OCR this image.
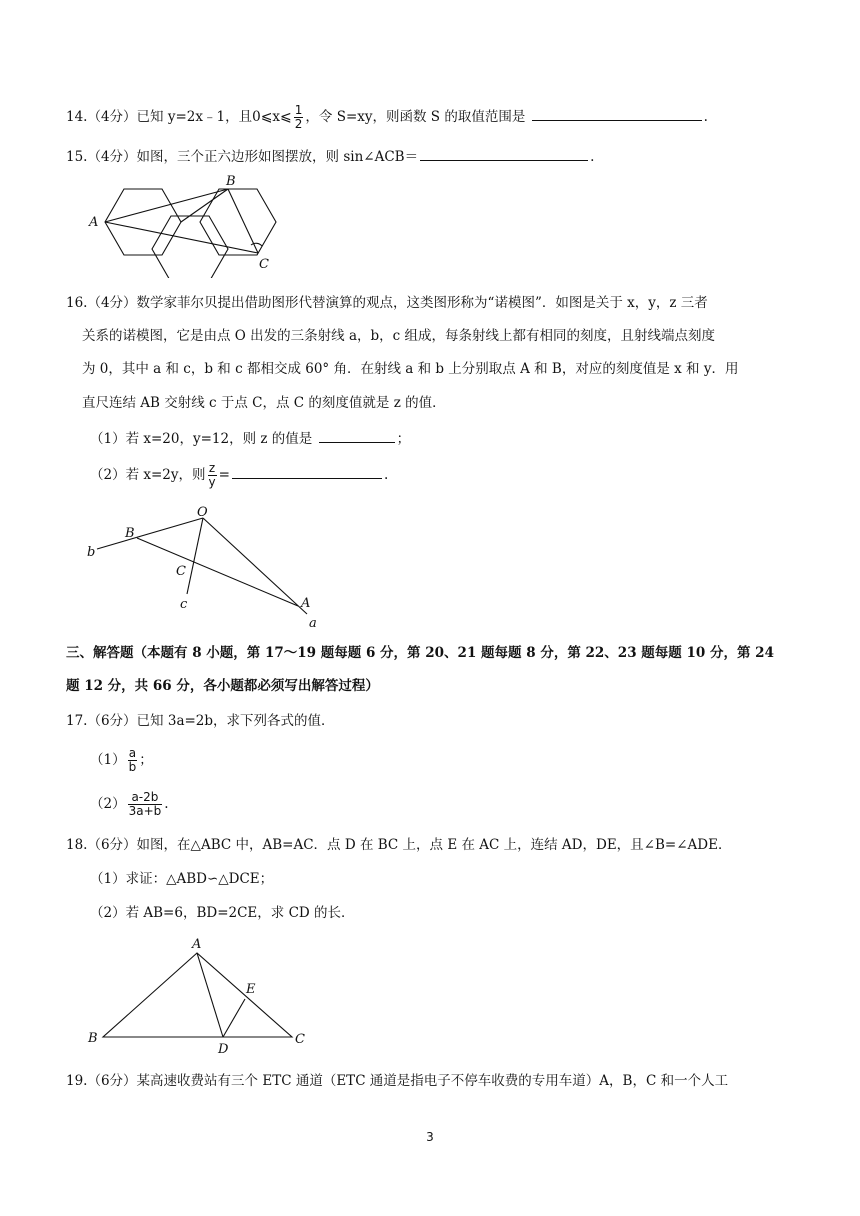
14.（4分）已知 y=2x﹣1，且0⩽x⩽ $\frac{1}{2}$ ，令 S=xy，则函数 S 的取值范围是	.
15.（4分）如图，三个正六边形如图摆放，则 sin∠ACB＝	.
A
B
C
16.（4分）数学家菲尔贝提出借助图形代替演算的观点，这类图形称为“诺模图”．如图是关于 x，y，z 三者
关系的诺模图，它是由点 O 出发的三条射线 a，b，c 组成，每条射线上都有相同的刻度，且射线端点刻度
为 0，其中 a 和 c，b 和 c 都相交成 60° 角．在射线 a 和 b 上分别取点 A 和 B，对应的刻度值是 x 和 y．用
直尺连结 AB 交射线 c 于点 C，点 C 的刻度值就是 z 的值．
（1）若 x=20，y=12，则 z 的值是	；
（2）若 x=2y，则 $\frac{z}{y}$ =	.
O
B
b
C
c	A
a
三、解答题（本题有 8 小题，第 17～19 题每题 6 分，第 20、21 题每题 8 分，第 22、23 题每题 10 分，第 24
题 12 分，共 66 分，各小题都必须写出解答过程）
17.（6分）已知 3a=2b，求下列各式的值．
$(1) \frac{a}{b}$ ；
$(2) \frac{a-2b}{3a+b}$ .
18.（6分）如图，在△ABC 中，AB=AC．点 D 在 BC 上，点 E 在 AC 上，连结 AD，DE，且∠B=∠ADE．
（1）求证：△ABD∽△DCE；
（2）若 AB=6，BD=2CE，求 CD 的长．
A
B	C
D
E
19.（6分）某高速收费站有三个 ETC 通道（ETC 通道是指电子不停车收费的专用车道）A，B，C 和一个人工
3
